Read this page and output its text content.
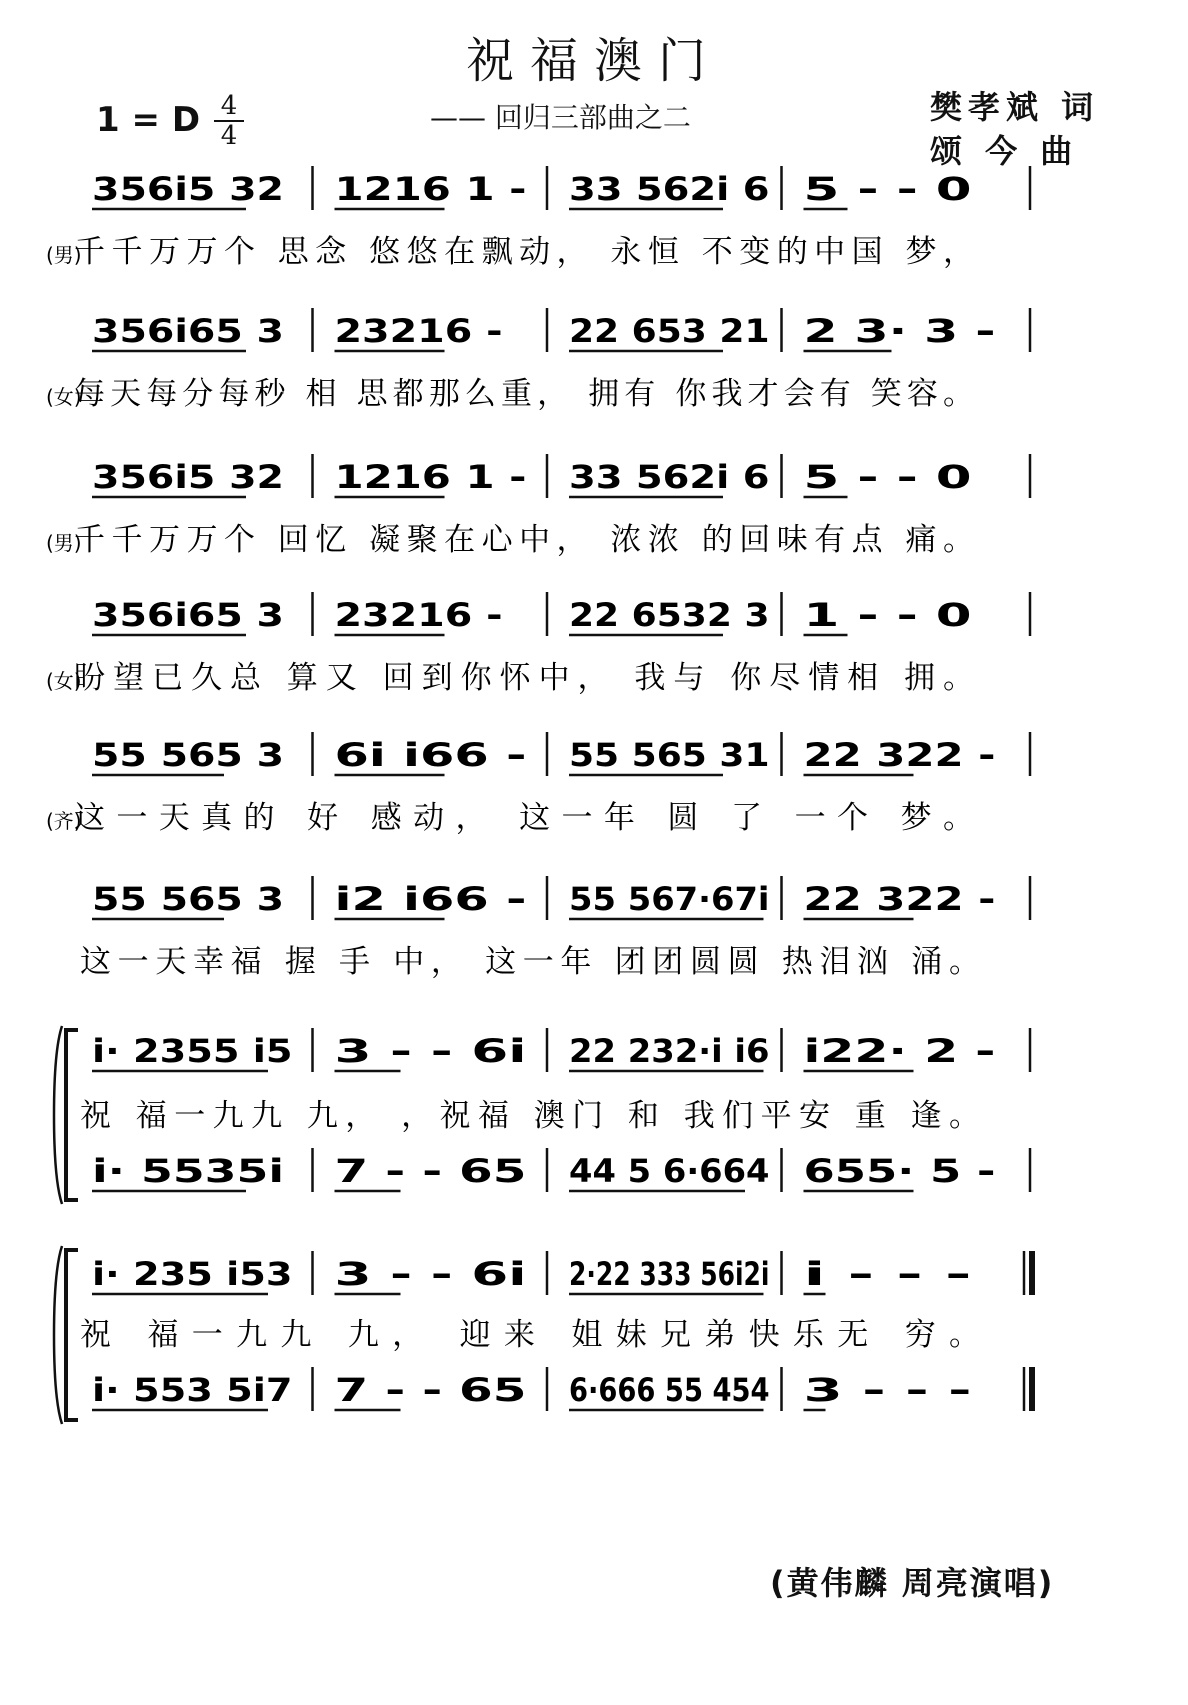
祝福澳门
—— 回归三部曲之二
1 = D 4
4
樊孝斌 词
颂 今 曲
356i5 32 1216 1 - 33 562i 6 5 - - 0
(男)
千千万万个 思念 悠悠在飘动， 永恒 不变的中国 梦，
356i65 3 23216 - 22 653 21 2 3· 3 -
(女)
每天每分每秒 相 思都那么重， 拥有 你我才会有 笑容。
356i5 32 1216 1 - 33 562i 6 5 - - 0
(男)
千千万万个 回忆 凝聚在心中， 浓浓 的回味有点 痛。
356i65 3 23216 - 22 6532 3 1 - - 0
(女)
盼望已久总 算又 回到你怀中， 我与 你尽情相 拥。
55 565 3 6i i66 - 55 565 31 22 322 -
(齐)
这一天真的 好 感动， 这一年 圆 了 一个 梦。
55 565 3 i2 i66 - 55 567·67i 22 322 -
这一天幸福 握 手 中， 这一年 团团圆圆 热泪汹 涌。
i· 2355 i5 3 - - 6i 22 232·i i6 i22· 2 -
祝 福一九九 九， ，祝福 澳门 和 我们平安 重 逢。
i· 5535i 7 - - 65 44 5 6·664 655· 5 -
i· 235 i53 3 - - 6i 2·22 333 56i2i i - - -
祝 福一九九 九， 迎来 姐妹兄弟快乐无 穷。
i· 553 5i7 7 - - 65 6·666 55 454 3 - - -
(黄伟麟 周亮演唱)
